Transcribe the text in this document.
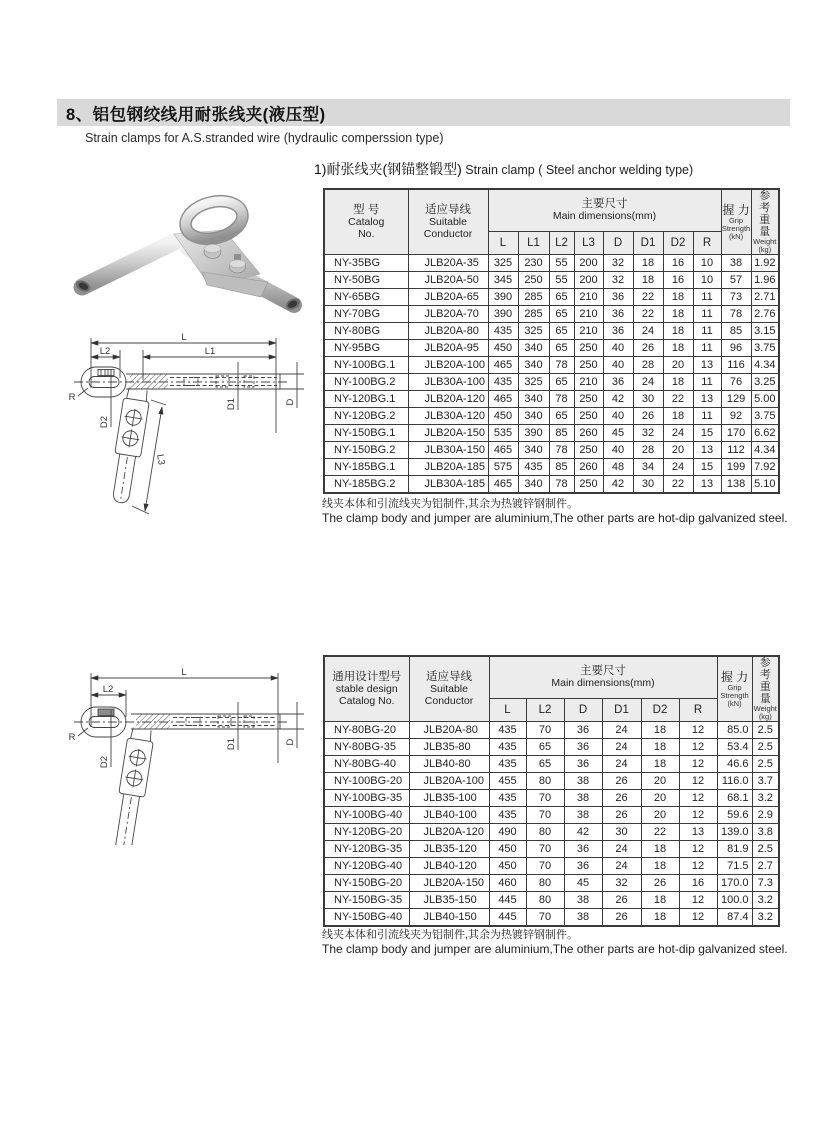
8、铝包钢绞线用耐张线夹(液压型)
Strain clamps for A.S.stranded wire (hydraulic comperssion type)
1)耐张线夹(钢锚整锻型) Strain clamp ( Steel anchor welding type)
L
L2	L1
R
D2
D1	D
L3
L
L2
R
D2
D1	D
型 号
Catalog
No.

适应导线
Suitable
Conductor

主要尺寸
Main dimensions(mm)	握 力
Grip Strength
(kN)

参考重量
Weight
(kg)

		L	L1	L2	L3	D	D1	D2	R		
NY-35BG	JLB20A-35	325	230	55	200	32	18	16	10	38	1.92
NY-50BG	JLB20A-50	345	250	55	200	32	18	16	10	57	1.96
NY-65BG	JLB20A-65	390	285	65	210	36	22	18	11	73	2.71
NY-70BG	JLB20A-70	390	285	65	210	36	22	18	11	78	2.76
NY-80BG	JLB20A-80	435	325	65	210	36	24	18	11	85	3.15
NY-95BG	JLB20A-95	450	340	65	250	40	26	18	11	96	3.75
NY-100BG.1	JLB20A-100	465	340	78	250	40	28	20	13	116	4.34
NY-100BG.2	JLB30A-100	435	325	65	210	36	24	18	11	76	3.25
NY-120BG.1	JLB20A-120	465	340	78	250	42	30	22	13	129	5.00
NY-120BG.2	JLB30A-120	450	340	65	250	40	26	18	11	92	3.75
NY-150BG.1	JLB20A-150	535	390	85	260	45	32	24	15	170	6.62
NY-150BG.2	JLB30A-150	465	340	78	250	40	28	20	13	112	4.34
NY-185BG.1	JLB20A-185	575	435	85	260	48	34	24	15	199	7.92
NY-185BG.2	JLB30A-185	465	340	78	250	42	30	22	13	138	5.10
线夹本体和引流线夹为铝制件,其余为热镀锌钢制件。
The clamp body and jumper are aluminium,The other parts are hot-dip galvanized steel.
通用设计型号
stable design
Catalog No.

适应导线
Suitable
Conductor

主要尺寸
Main dimensions(mm)	握 力
Grip Strength
(kN)

参考重量
Weight
(kg)

		L	L2	D	D1	D2	R		
NY-80BG-20	JLB20A-80	435	70	36	24	18	12	85.0	2.5
NY-80BG-35	JLB35-80	435	65	36	24	18	12	53.4	2.5
NY-80BG-40	JLB40-80	435	65	36	24	18	12	46.6	2.5
NY-100BG-20	JLB20A-100	455	80	38	26	20	12	116.0	3.7
NY-100BG-35	JLB35-100	435	70	38	26	20	12	68.1	3.2
NY-100BG-40	JLB40-100	435	70	38	26	20	12	59.6	2.9
NY-120BG-20	JLB20A-120	490	80	42	30	22	13	139.0	3.8
NY-120BG-35	JLB35-120	450	70	36	24	18	12	81.9	2.5
NY-120BG-40	JLB40-120	450	70	36	24	18	12	71.5	2.7
NY-150BG-20	JLB20A-150	460	80	45	32	26	16	170.0	7.3
NY-150BG-35	JLB35-150	445	80	38	26	18	12	100.0	3.2
NY-150BG-40	JLB40-150	445	70	38	26	18	12	87.4	3.2
线夹本体和引流线夹为铝制件,其余为热镀锌钢制件。
The clamp body and jumper are aluminium,The other parts are hot-dip galvanized steel.
